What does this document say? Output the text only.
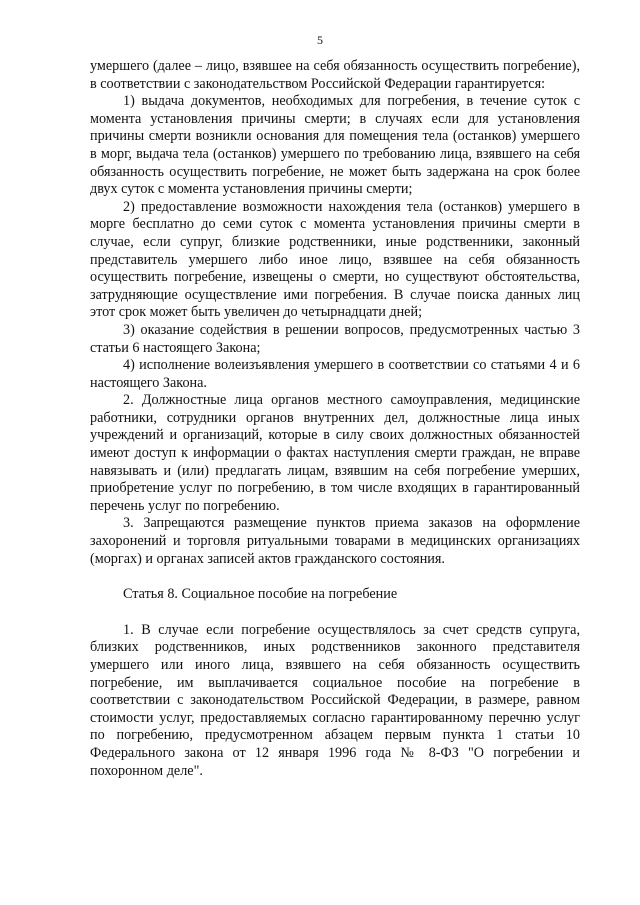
5

умершего (далее – лицо, взявшее на себя обязанность осуществить погребение), в соответствии с законодательством Российской Федерации гарантируется:

1) выдача документов, необходимых для погребения, в течение суток с момента установления причины смерти; в случаях если для установления причины смерти возникли основания для помещения тела (останков) умершего в морг, выдача тела (останков) умершего по требованию лица, взявшего на себя обязанность осуществить погребение, не может быть задержана на срок более двух суток с момента установления причины смерти;

2) предоставление возможности нахождения тела (останков) умершего в морге бесплатно до семи суток с момента установления причины смерти в случае, если супруг, близкие родственники, иные родственники, законный представитель умершего либо иное лицо, взявшее на себя обязанность осуществить погребение, извещены о смерти, но существуют обстоятельства, затрудняющие осуществление ими погребения. В случае поиска данных лиц этот срок может быть увеличен до четырнадцати дней;

3) оказание содействия в решении вопросов, предусмотренных частью 3 статьи 6 настоящего Закона;

4) исполнение волеизъявления умершего в соответствии со статьями 4 и 6 настоящего Закона.

2. Должностные лица органов местного самоуправления, медицинские работники, сотрудники органов внутренних дел, должностные лица иных учреждений и организаций, которые в силу своих должностных обязанностей имеют доступ к информации о фактах наступления смерти граждан, не вправе навязывать и (или) предлагать лицам, взявшим на себя погребение умерших, приобретение услуг по погребению, в том числе входящих в гарантированный перечень услуг по погребению.

3. Запрещаются размещение пунктов приема заказов на оформление захоронений и торговля ритуальными товарами в медицинских организациях (моргах) и органах записей актов гражданского состояния.

Статья 8. Социальное пособие на погребение

1. В случае если погребение осуществлялось за счет средств супруга, близких родственников, иных родственников законного представителя умершего или иного лица, взявшего на себя обязанность осуществить погребение, им выплачивается социальное пособие на погребение в соответствии с законодательством Российской Федерации, в размере, равном стоимости услуг, предоставляемых согласно гарантированному перечню услуг по погребению, предусмотренном абзацем первым пункта 1 статьи 10 Федерального закона от 12 января 1996 года № 8-ФЗ "О погребении и похоронном деле".
